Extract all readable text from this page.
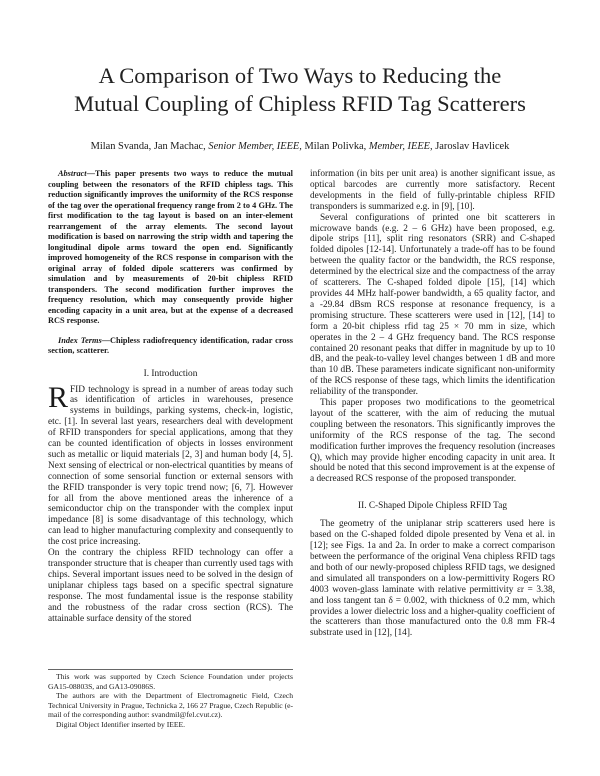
A Comparison of Two Ways to Reducing the
Mutual Coupling of Chipless RFID Tag Scatterers
Milan Svanda, Jan Machac, Senior Member, IEEE, Milan Polivka, Member, IEEE, Jaroslav Havlicek

Abstract—This paper presents two ways to reduce the mutual coupling between the resonators of the RFID chipless tags. This reduction significantly improves the uniformity of the RCS response of the tag over the operational frequency range from 2 to 4 GHz. The first modification to the tag layout is based on an inter-element rearrangement of the array elements. The second layout modification is based on narrowing the strip width and tapering the longitudinal dipole arms toward the open end. Significantly improved homogeneity of the RCS response in comparison with the original array of folded dipole scatterers was confirmed by simulation and by measurements of 20-bit chipless RFID transponders. The second modification further improves the frequency resolution, which may consequently provide higher encoding capacity in a unit area, but at the expense of a decreased RCS response.

Index Terms—Chipless radiofrequency identification, radar cross section, scatterer.

I. Introduction

RFID technology is spread in a number of areas today such as identification of articles in warehouses, presence systems in buildings, parking systems, check-in, logistic, etc. [1]. In several last years, researchers deal with development of RFID transponders for special applications, among that they can be counted identification of objects in losses environment such as metallic or liquid materials [2, 3] and human body [4, 5]. Next sensing of electrical or non-electrical quantities by means of connection of some sensorial function or external sensors with the RFID transponder is very topic trend now; [6, 7]. However for all from the above mentioned areas the inherence of a semiconductor chip on the transponder with the complex input impedance [8] is some disadvantage of this technology, which can lead to higher manufacturing complexity and consequently to the cost price increasing.

On the contrary the chipless RFID technology can offer a transponder structure that is cheaper than currently used tags with chips. Several important issues need to be solved in the design of uniplanar chipless tags based on a specific spectral signature response. The most fundamental issue is the response stability and the robustness of the radar cross section (RCS). The attainable surface density of the stored

This work was supported by Czech Science Foundation under projects GA15-08803S, and GA13-09086S.

The authors are with the Department of Electromagnetic Field, Czech Technical University in Prague, Technicka 2, 166 27 Prague, Czech Republic (e-mail of the corresponding author: svandmil@fel.cvut.cz).

Digital Object Identifier inserted by IEEE.

information (in bits per unit area) is another significant issue, as optical barcodes are currently more satisfactory. Recent developments in the field of fully-printable chipless RFID transponders is summarized e.g. in [9], [10].

Several configurations of printed one bit scatterers in microwave bands (e.g. 2 – 6 GHz) have been proposed, e.g. dipole strips [11], split ring resonators (SRR) and C-shaped folded dipoles [12-14]. Unfortunately a trade-off has to be found between the quality factor or the bandwidth, the RCS response, determined by the electrical size and the compactness of the array of scatterers. The C-shaped folded dipole [15], [14] which provides 44 MHz half-power bandwidth, a 65 quality factor, and a -29.84 dBsm RCS response at resonance frequency, is a promising structure. These scatterers were used in [12], [14] to form a 20-bit chipless rfid tag 25 × 70 mm in size, which operates in the 2 – 4 GHz frequency band. The RCS response contained 20 resonant peaks that differ in magnitude by up to 10 dB, and the peak-to-valley level changes between 1 dB and more than 10 dB. These parameters indicate significant non-uniformity of the RCS response of these tags, which limits the identification reliability of the transponder.

This paper proposes two modifications to the geometrical layout of the scatterer, with the aim of reducing the mutual coupling between the resonators. This significantly improves the uniformity of the RCS response of the tag. The second modification further improves the frequency resolution (increases Q), which may provide higher encoding capacity in unit area. It should be noted that this second improvement is at the expense of a decreased RCS response of the proposed transponder.

II. C-Shaped Dipole Chipless RFID Tag

The geometry of the uniplanar strip scatterers used here is based on the C-shaped folded dipole presented by Vena et al. in [12]; see Figs. 1a and 2a. In order to make a correct comparison between the performance of the original Vena chipless RFID tags and both of our newly-proposed chipless RFID tags, we designed and simulated all transponders on a low-permittivity Rogers RO 4003 woven-glass laminate with relative permittivity εr = 3.38, and loss tangent tan δ = 0.002, with thickness of 0.2 mm, which provides a lower dielectric loss and a higher-quality coefficient of the scatterers than those manufactured onto the 0.8 mm FR-4 substrate used in [12], [14].
